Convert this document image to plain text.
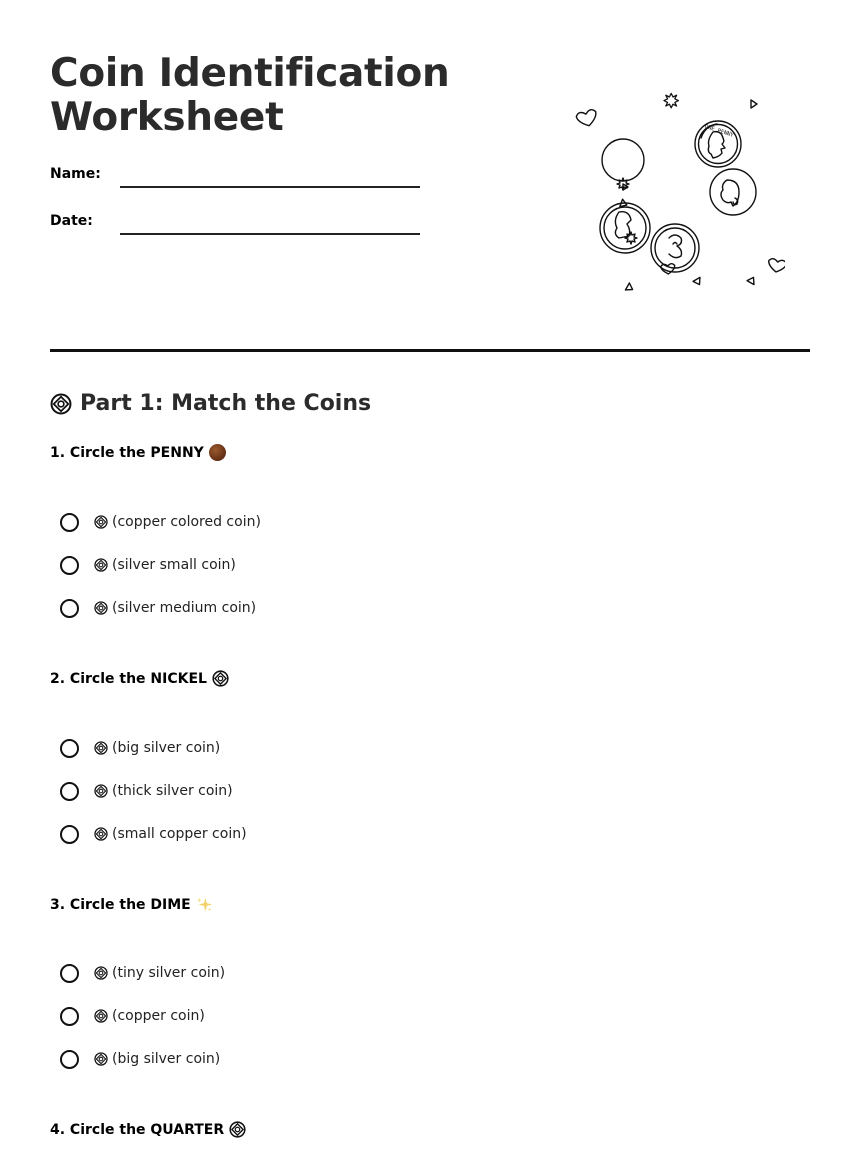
Coin Identification
Worksheet
Name:
Date:
ONE PENNY
Part 1: Match the Coins
1. Circle the PENNY
(copper colored coin)
(silver small coin)
(silver medium coin)
2. Circle the NICKEL
(big silver coin)
(thick silver coin)
(small copper coin)
3. Circle the DIME
(tiny silver coin)
(copper coin)
(big silver coin)
4. Circle the QUARTER
